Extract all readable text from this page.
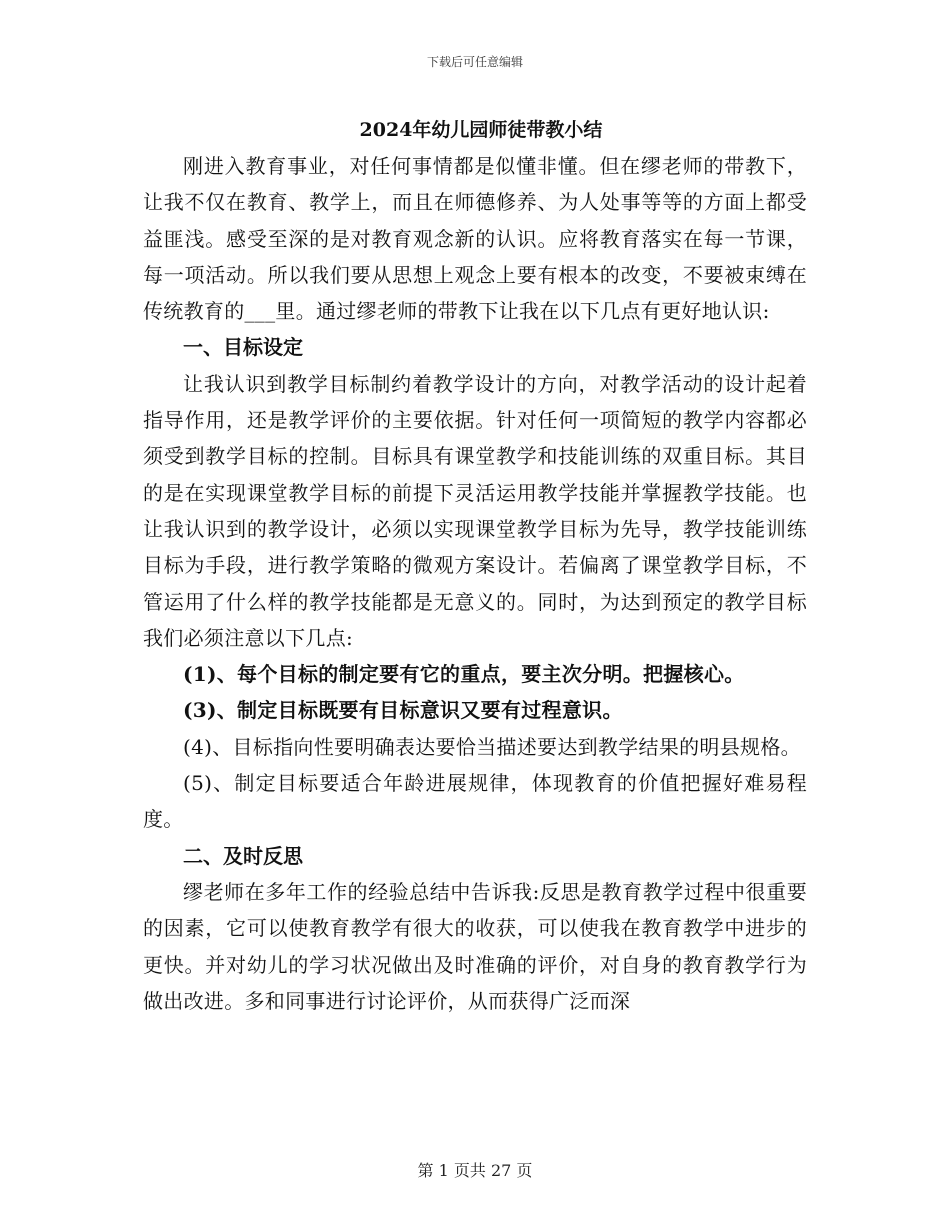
下载后可任意编辑
2024年幼儿园师徒带教小结

刚进入教育事业，对任何事情都是似懂非懂。但在缪老师的带教下，让我不仅在教育、教学上，而且在师德修养、为人处事等等的方面上都受益匪浅。感受至深的是对教育观念新的认识。应将教育落实在每一节课，每一项活动。所以我们要从思想上观念上要有根本的改变，不要被束缚在传统教育的___里。通过缪老师的带教下让我在以下几点有更好地认识:

一、目标设定

让我认识到教学目标制约着教学设计的方向，对教学活动的设计起着指导作用，还是教学评价的主要依据。针对任何一项简短的教学内容都必须受到教学目标的控制。目标具有课堂教学和技能训练的双重目标。其目的是在实现课堂教学目标的前提下灵活运用教学技能并掌握教学技能。也让我认识到的教学设计，必须以实现课堂教学目标为先导，教学技能训练目标为手段，进行教学策略的微观方案设计。若偏离了课堂教学目标，不管运用了什么样的教学技能都是无意义的。同时，为达到预定的教学目标我们必须注意以下几点:

(1)、每个目标的制定要有它的重点，要主次分明。把握核心。

(3)、制定目标既要有目标意识又要有过程意识。

(4)、目标指向性要明确表达要恰当描述要达到教学结果的明县规格。

(5)、制定目标要适合年龄进展规律，体现教育的价值把握好难易程度。

二、及时反思

缪老师在多年工作的经验总结中告诉我:反思是教育教学过程中很重要的因素，它可以使教育教学有很大的收获，可以使我在教育教学中进步的更快。并对幼儿的学习状况做出及时准确的评价，对自身的教育教学行为做出改进。多和同事进行讨论评价，从而获得广泛而深

第 1 页共 27 页
